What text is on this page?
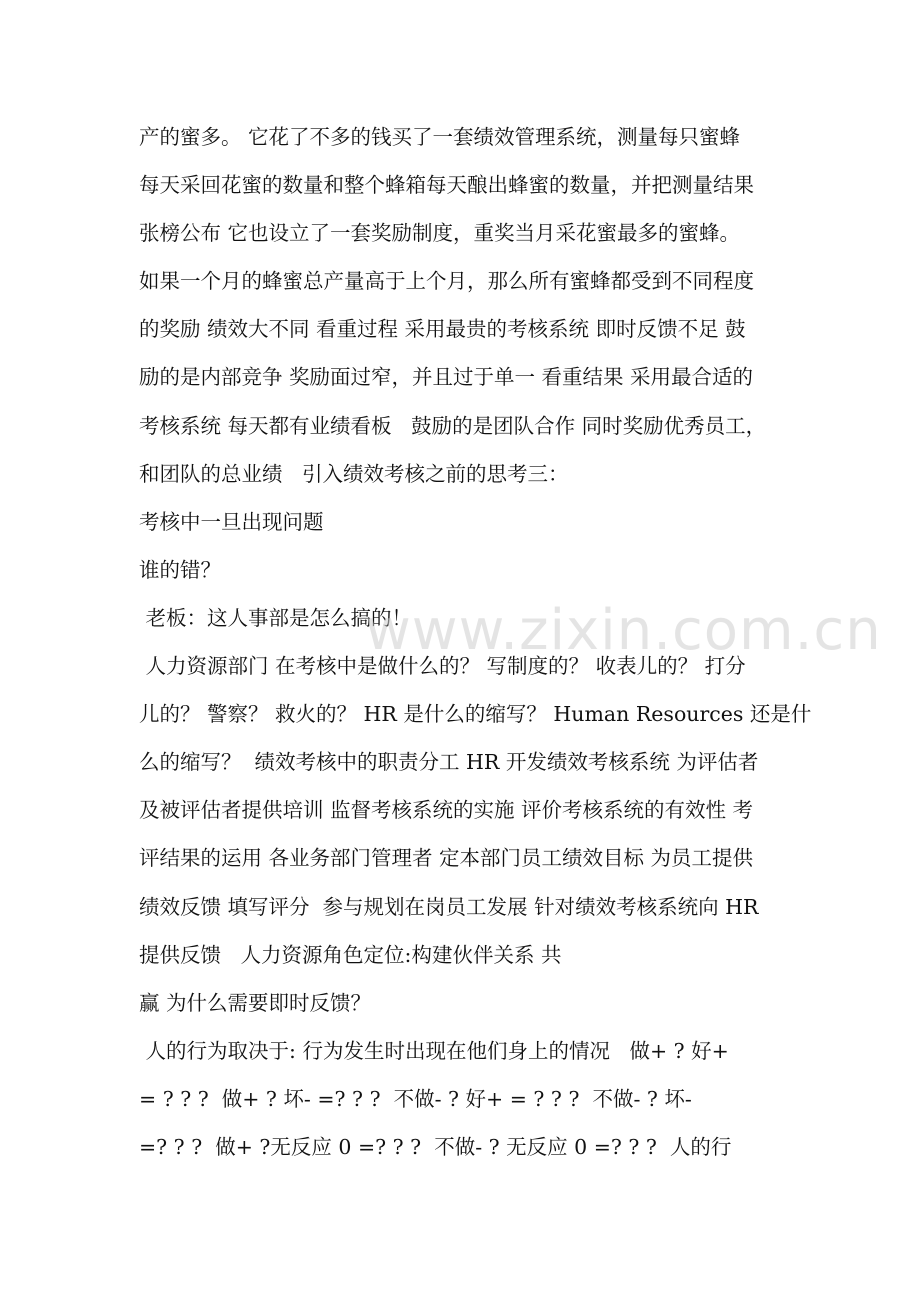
产的蜜多。 它花了不多的钱买了一套绩效管理系统，测量每只蜜蜂
每天采回花蜜的数量和整个蜂箱每天酿出蜂蜜的数量，并把测量结果
张榜公布 它也设立了一套奖励制度，重奖当月采花蜜最多的蜜蜂。
如果一个月的蜂蜜总产量高于上个月，那么所有蜜蜂都受到不同程度
的奖励 绩效大不同 看重过程 采用最贵的考核系统 即时反馈不足 鼓
励的是内部竞争 奖励面过窄，并且过于单一 看重结果 采用最合适的
考核系统 每天都有业绩看板   鼓励的是团队合作 同时奖励优秀员工，
和团队的总业绩   引入绩效考核之前的思考三：
考核中一旦出现问题
谁的错？
老板：这人事部是怎么搞的！
人力资源部门 在考核中是做什么的？ 写制度的？ 收表儿的？ 打分
儿的？ 警察？ 救火的？ HR 是什么的缩写？ Human Resources 还是什
么的缩写？  绩效考核中的职责分工 HR 开发绩效考核系统 为评估者
及被评估者提供培训 监督考核系统的实施 评价考核系统的有效性 考
评结果的运用 各业务部门管理者 定本部门员工绩效目标 为员工提供
绩效反馈 填写评分  参与规划在岗员工发展 针对绩效考核系统向 HR
提供反馈   人力资源角色定位:构建伙伴关系 共
赢 为什么需要即时反馈？
人的行为取决于: 行为发生时出现在他们身上的情况   做+ ? 好+
= ? ? ?  做+ ? 坏- =? ? ?  不做- ? 好+ = ? ? ?  不做- ? 坏-
=? ? ?  做+ ?无反应 0 =? ? ?  不做- ? 无反应 0 =? ? ?  人的行
www.zixin.com.cn
